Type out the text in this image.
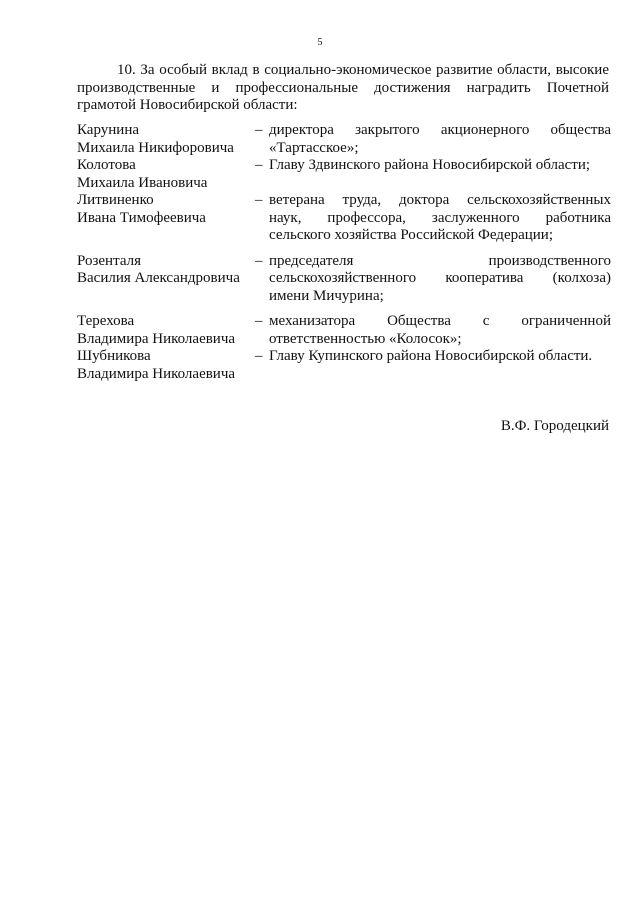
5

10. За особый вклад в социально-экономическое развитие области, высокие производственные и профессиональные достижения наградить Почетной грамотой Новосибирской области:

Карунина
Михаила Никифоровича
– директора закрытого акционерного общества
«Тартасское»;
Колотова
Михаила Ивановича
– Главу Здвинского района Новосибирской области;
Литвиненко
Ивана Тимофеевича
– ветерана труда, доктора сельскохозяйственных
наук, профессора, заслуженного работника
сельского хозяйства Российской Федерации;
Розенталя
Василия Александровича
– председателя производственного
сельскохозяйственного кооператива (колхоза)
имени Мичурина;
Терехова
Владимира Николаевича
– механизатора Общества с ограниченной
ответственностью «Колосок»;
Шубникова
Владимира Николаевича
– Главу Купинского района Новосибирской области.
В.Ф. Городецкий
